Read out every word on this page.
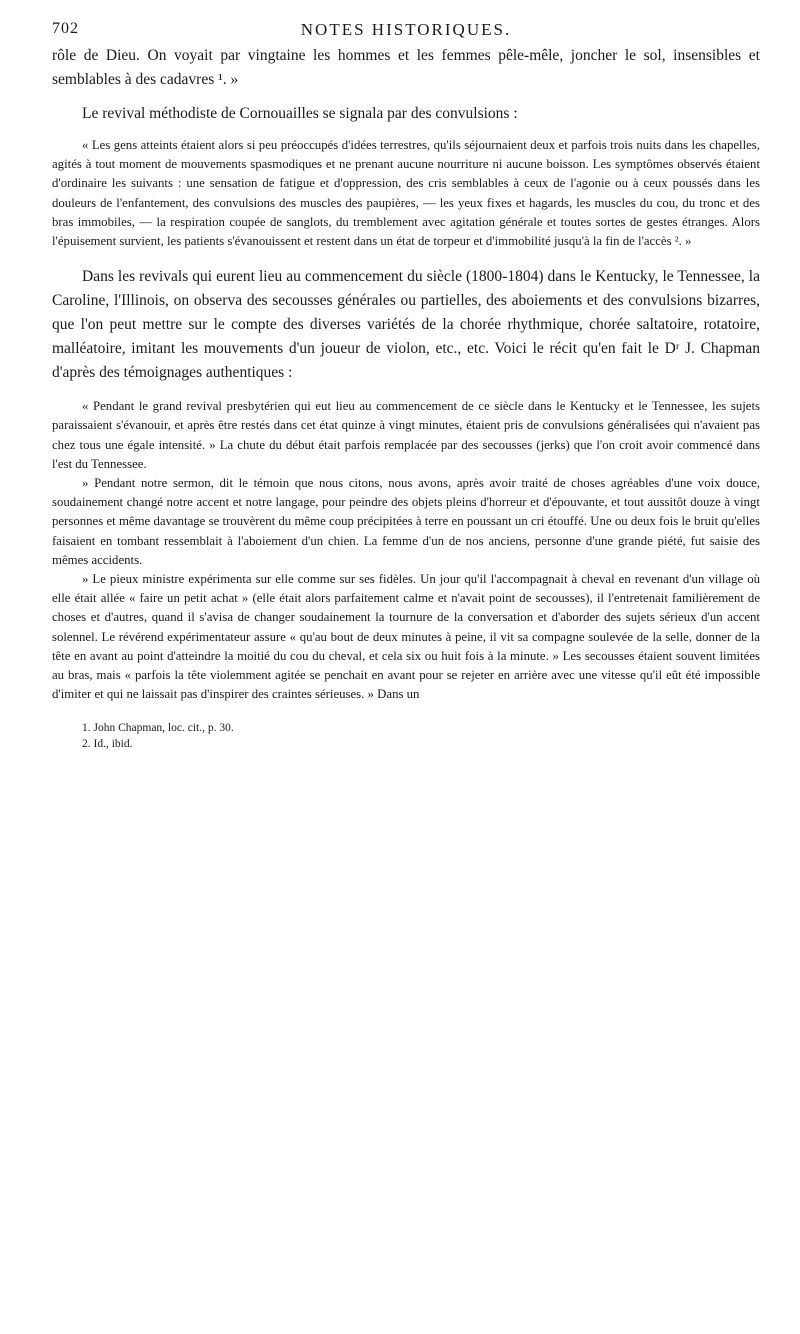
702	NOTES HISTORIQUES.

rôle de Dieu. On voyait par vingtaine les hommes et les femmes pêle-mêle, joncher le sol, insensibles et semblables à des cadavres ¹. »

Le revival méthodiste de Cornouailles se signala par des convulsions :

« Les gens atteints étaient alors si peu préoccupés d'idées terrestres, qu'ils séjournaient deux et parfois trois nuits dans les chapelles, agités à tout moment de mouvements spasmodiques et ne prenant aucune nourriture ni aucune boisson. Les symptômes observés étaient d'ordinaire les suivants : une sensation de fatigue et d'oppression, des cris semblables à ceux de l'agonie ou à ceux poussés dans les douleurs de l'enfantement, des convulsions des muscles des paupières, — les yeux fixes et hagards, les muscles du cou, du tronc et des bras immobiles, — la respiration coupée de sanglots, du tremblement avec agitation générale et toutes sortes de gestes étranges. Alors l'épuisement survient, les patients s'évanouissent et restent dans un état de torpeur et d'immobilité jusqu'à la fin de l'accès ². »

Dans les revivals qui eurent lieu au commencement du siècle (1800-1804) dans le Kentucky, le Tennessee, la Caroline, l'Illinois, on observa des secousses générales ou partielles, des aboiements et des convulsions bizarres, que l'on peut mettre sur le compte des diverses variétés de la chorée rhythmique, chorée saltatoire, rotatoire, malléatoire, imitant les mouvements d'un joueur de violon, etc., etc. Voici le récit qu'en fait le Dʳ J. Chapman d'après des témoignages authentiques :

« Pendant le grand revival presbytérien qui eut lieu au commencement de ce siècle dans le Kentucky et le Tennessee, les sujets paraissaient s'évanouir, et après être restés dans cet état quinze à vingt minutes, étaient pris de convulsions généralisées qui n'avaient pas chez tous une égale intensité. » La chute du début était parfois remplacée par des secousses (jerks) que l'on croit avoir commencé dans l'est du Tennessee.

» Pendant notre sermon, dit le témoin que nous citons, nous avons, après avoir traité de choses agréables d'une voix douce, soudainement changé notre accent et notre langage, pour peindre des objets pleins d'horreur et d'épouvante, et tout aussitôt douze à vingt personnes et même davantage se trouvèrent du même coup précipitées à terre en poussant un cri étouffé. Une ou deux fois le bruit qu'elles faisaient en tombant ressemblait à l'aboiement d'un chien. La femme d'un de nos anciens, personne d'une grande piété, fut saisie des mêmes accidents.

» Le pieux ministre expérimenta sur elle comme sur ses fidèles. Un jour qu'il l'accompagnait à cheval en revenant d'un village où elle était allée « faire un petit achat » (elle était alors parfaitement calme et n'avait point de secousses), il l'entretenait familièrement de choses et d'autres, quand il s'avisa de changer soudainement la tournure de la conversation et d'aborder des sujets sérieux d'un accent solennel. Le révérend expérimentateur assure « qu'au bout de deux minutes à peine, il vit sa compagne soulevée de la selle, donner de la tête en avant au point d'atteindre la moitié du cou du cheval, et cela six ou huit fois à la minute. » Les secousses étaient souvent limitées au bras, mais « parfois la tête violemment agitée se penchait en avant pour se rejeter en arrière avec une vitesse qu'il eût été impossible d'imiter et qui ne laissait pas d'inspirer des craintes sérieuses. » Dans un

1. John Chapman, loc. cit., p. 30.
2. Id., ibid.
